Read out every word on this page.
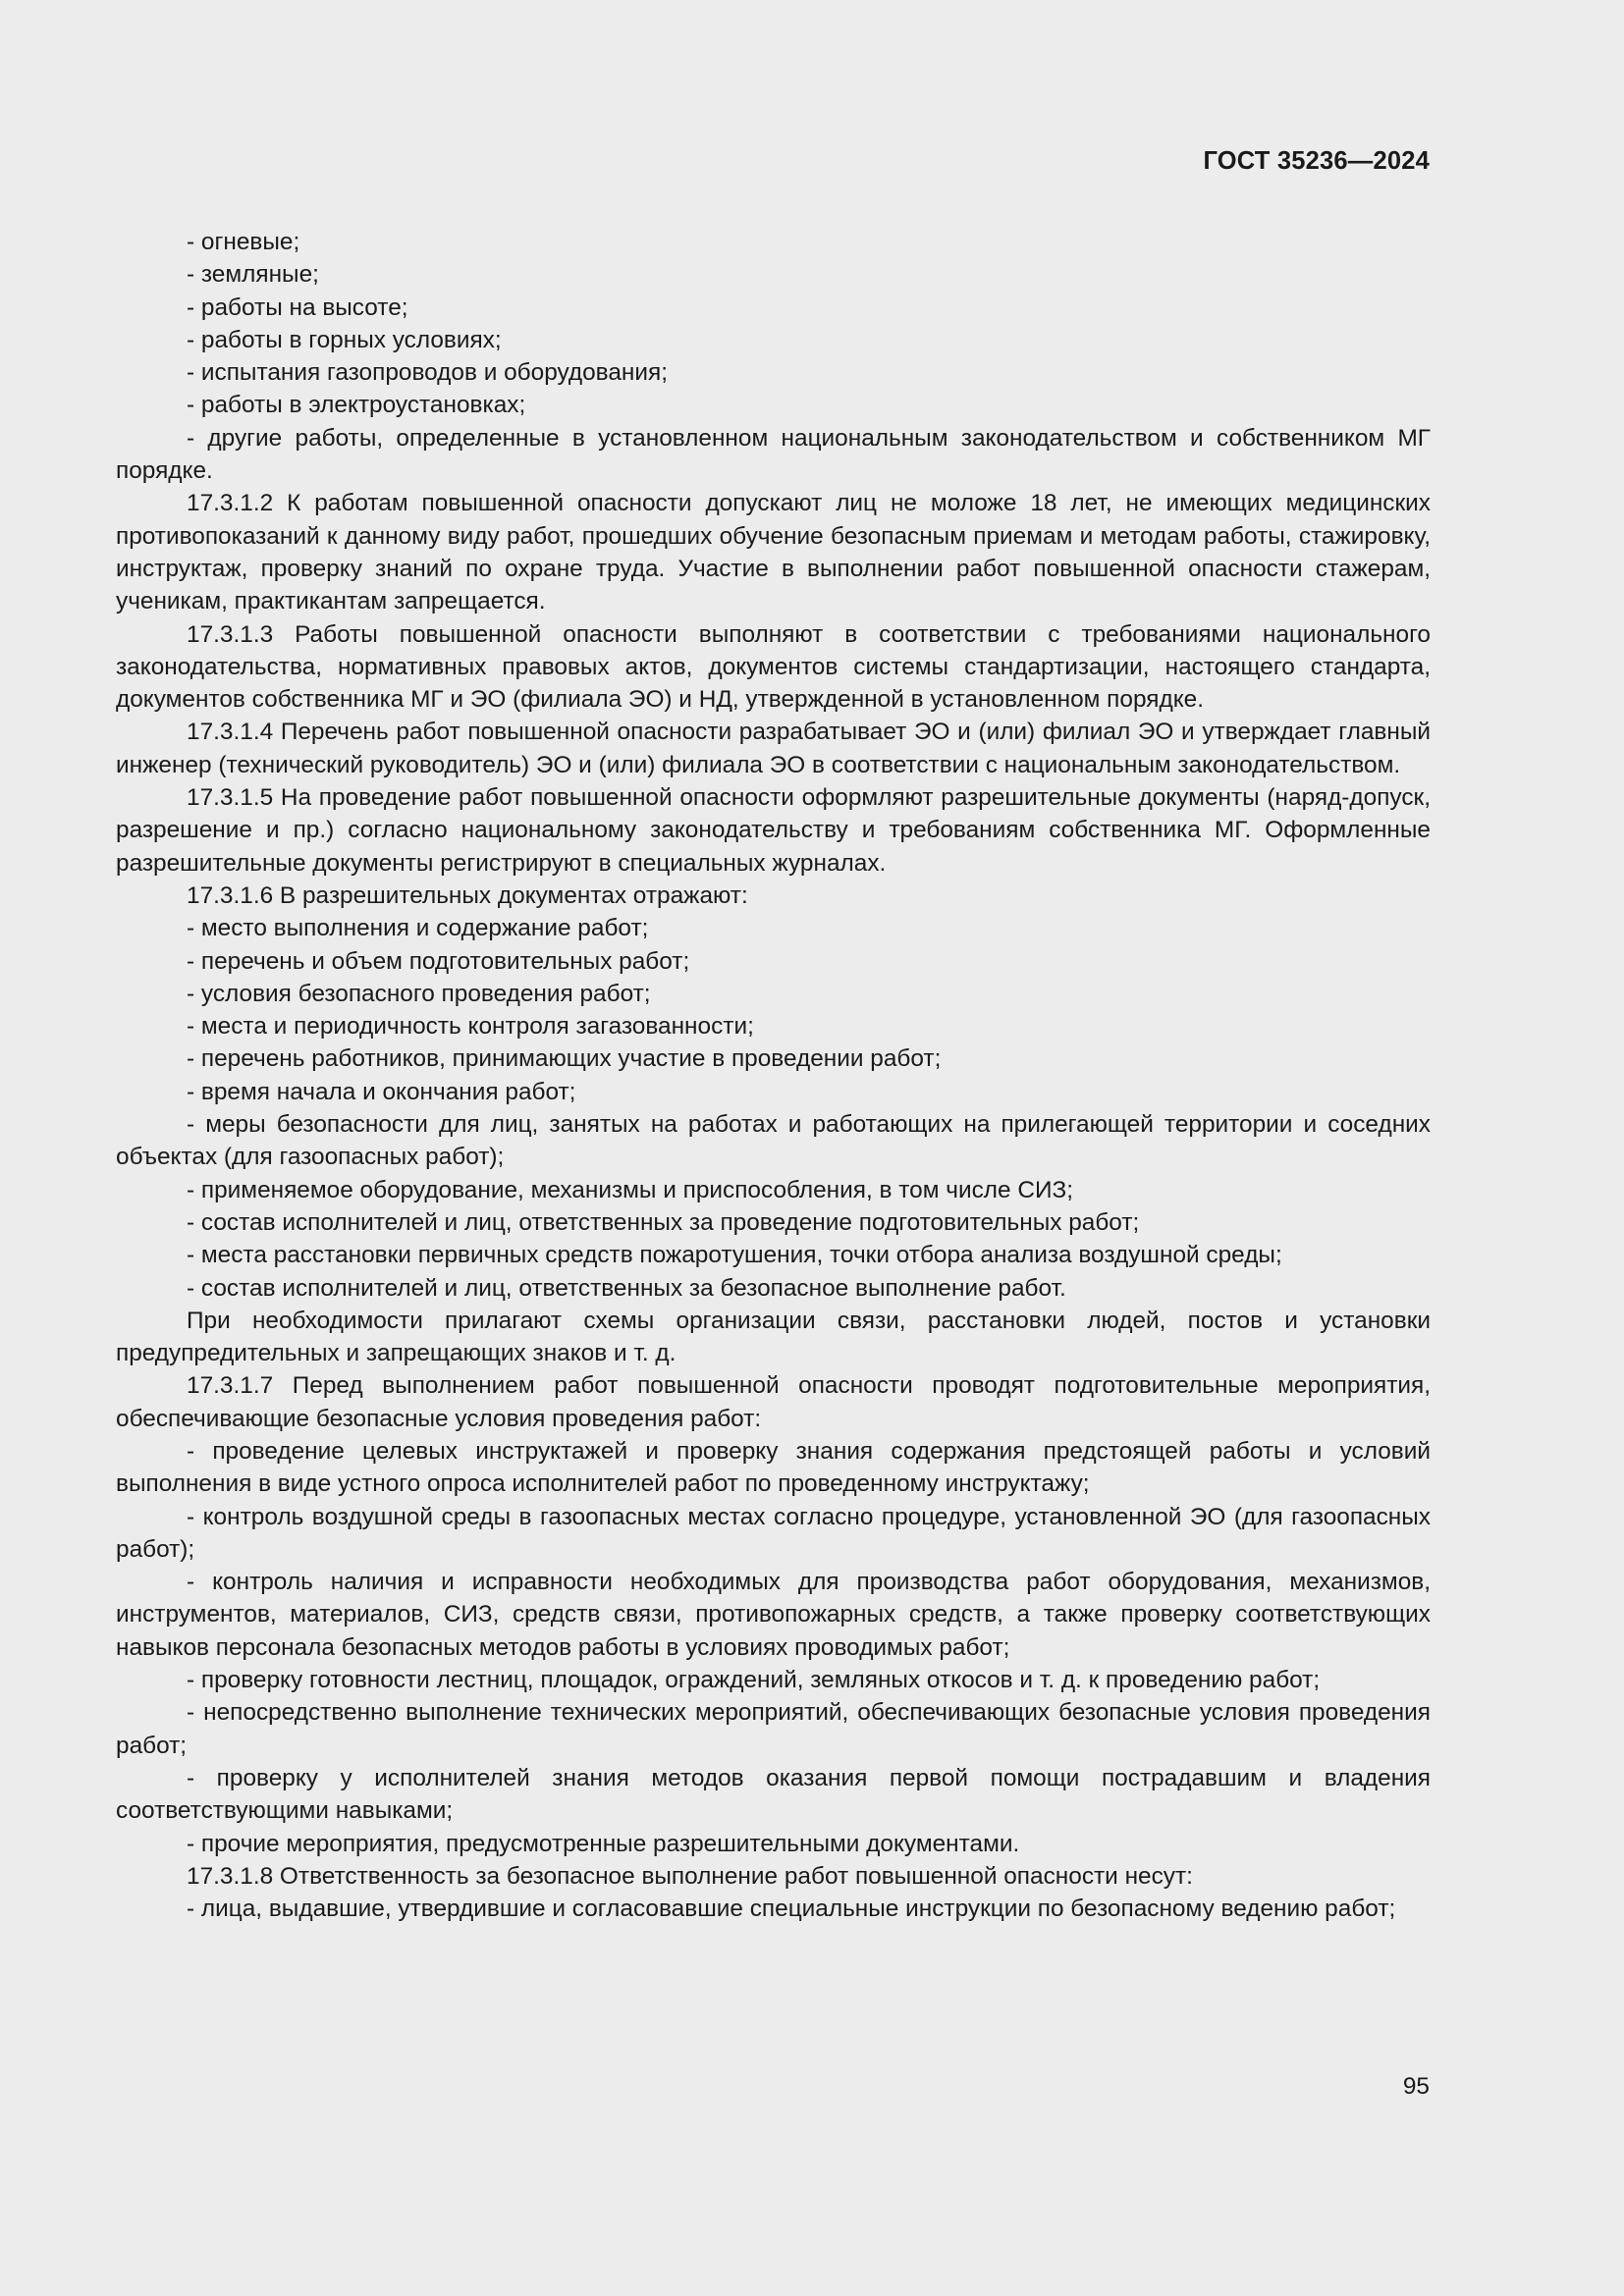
ГОСТ 35236—2024

- огневые;

- земляные;

- работы на высоте;

- работы в горных условиях;

- испытания газопроводов и оборудования;

- работы в электроустановках;

- другие работы, определенные в установленном национальным законодательством и собственником МГ порядке.

17.3.1.2 К работам повышенной опасности допускают лиц не моложе 18 лет, не имеющих медицинских противопоказаний к данному виду работ, прошедших обучение безопасным приемам и методам работы, стажировку, инструктаж, проверку знаний по охране труда. Участие в выполнении работ повышенной опасности стажерам, ученикам, практикантам запрещается.

17.3.1.3 Работы повышенной опасности выполняют в соответствии с требованиями национального законодательства, нормативных правовых актов, документов системы стандартизации, настоящего стандарта, документов собственника МГ и ЭО (филиала ЭО) и НД, утвержденной в установленном порядке.

17.3.1.4 Перечень работ повышенной опасности разрабатывает ЭО и (или) филиал ЭО и утверждает главный инженер (технический руководитель) ЭО и (или) филиала ЭО в соответствии с национальным законодательством.

17.3.1.5 На проведение работ повышенной опасности оформляют разрешительные документы (наряд-допуск, разрешение и пр.) согласно национальному законодательству и требованиям собственника МГ. Оформленные разрешительные документы регистрируют в специальных журналах.

17.3.1.6 В разрешительных документах отражают:

- место выполнения и содержание работ;

- перечень и объем подготовительных работ;

- условия безопасного проведения работ;

- места и периодичность контроля загазованности;

- перечень работников, принимающих участие в проведении работ;

- время начала и окончания работ;

- меры безопасности для лиц, занятых на работах и работающих на прилегающей территории и соседних объектах (для газоопасных работ);

- применяемое оборудование, механизмы и приспособления, в том числе СИЗ;

- состав исполнителей и лиц, ответственных за проведение подготовительных работ;

- места расстановки первичных средств пожаротушения, точки отбора анализа воздушной среды;

- состав исполнителей и лиц, ответственных за безопасное выполнение работ.

При необходимости прилагают схемы организации связи, расстановки людей, постов и установки предупредительных и запрещающих знаков и т. д.

17.3.1.7 Перед выполнением работ повышенной опасности проводят подготовительные мероприятия, обеспечивающие безопасные условия проведения работ:

- проведение целевых инструктажей и проверку знания содержания предстоящей работы и условий выполнения в виде устного опроса исполнителей работ по проведенному инструктажу;

- контроль воздушной среды в газоопасных местах согласно процедуре, установленной ЭО (для газоопасных работ);

- контроль наличия и исправности необходимых для производства работ оборудования, механизмов, инструментов, материалов, СИЗ, средств связи, противопожарных средств, а также проверку соответствующих навыков персонала безопасных методов работы в условиях проводимых работ;

- проверку готовности лестниц, площадок, ограждений, земляных откосов и т. д. к проведению работ;

- непосредственно выполнение технических мероприятий, обеспечивающих безопасные условия проведения работ;

- проверку у исполнителей знания методов оказания первой помощи пострадавшим и владения соответствующими навыками;

- прочие мероприятия, предусмотренные разрешительными документами.

17.3.1.8 Ответственность за безопасное выполнение работ повышенной опасности несут:

- лица, выдавшие, утвердившие и согласовавшие специальные инструкции по безопасному ведению работ;

95
